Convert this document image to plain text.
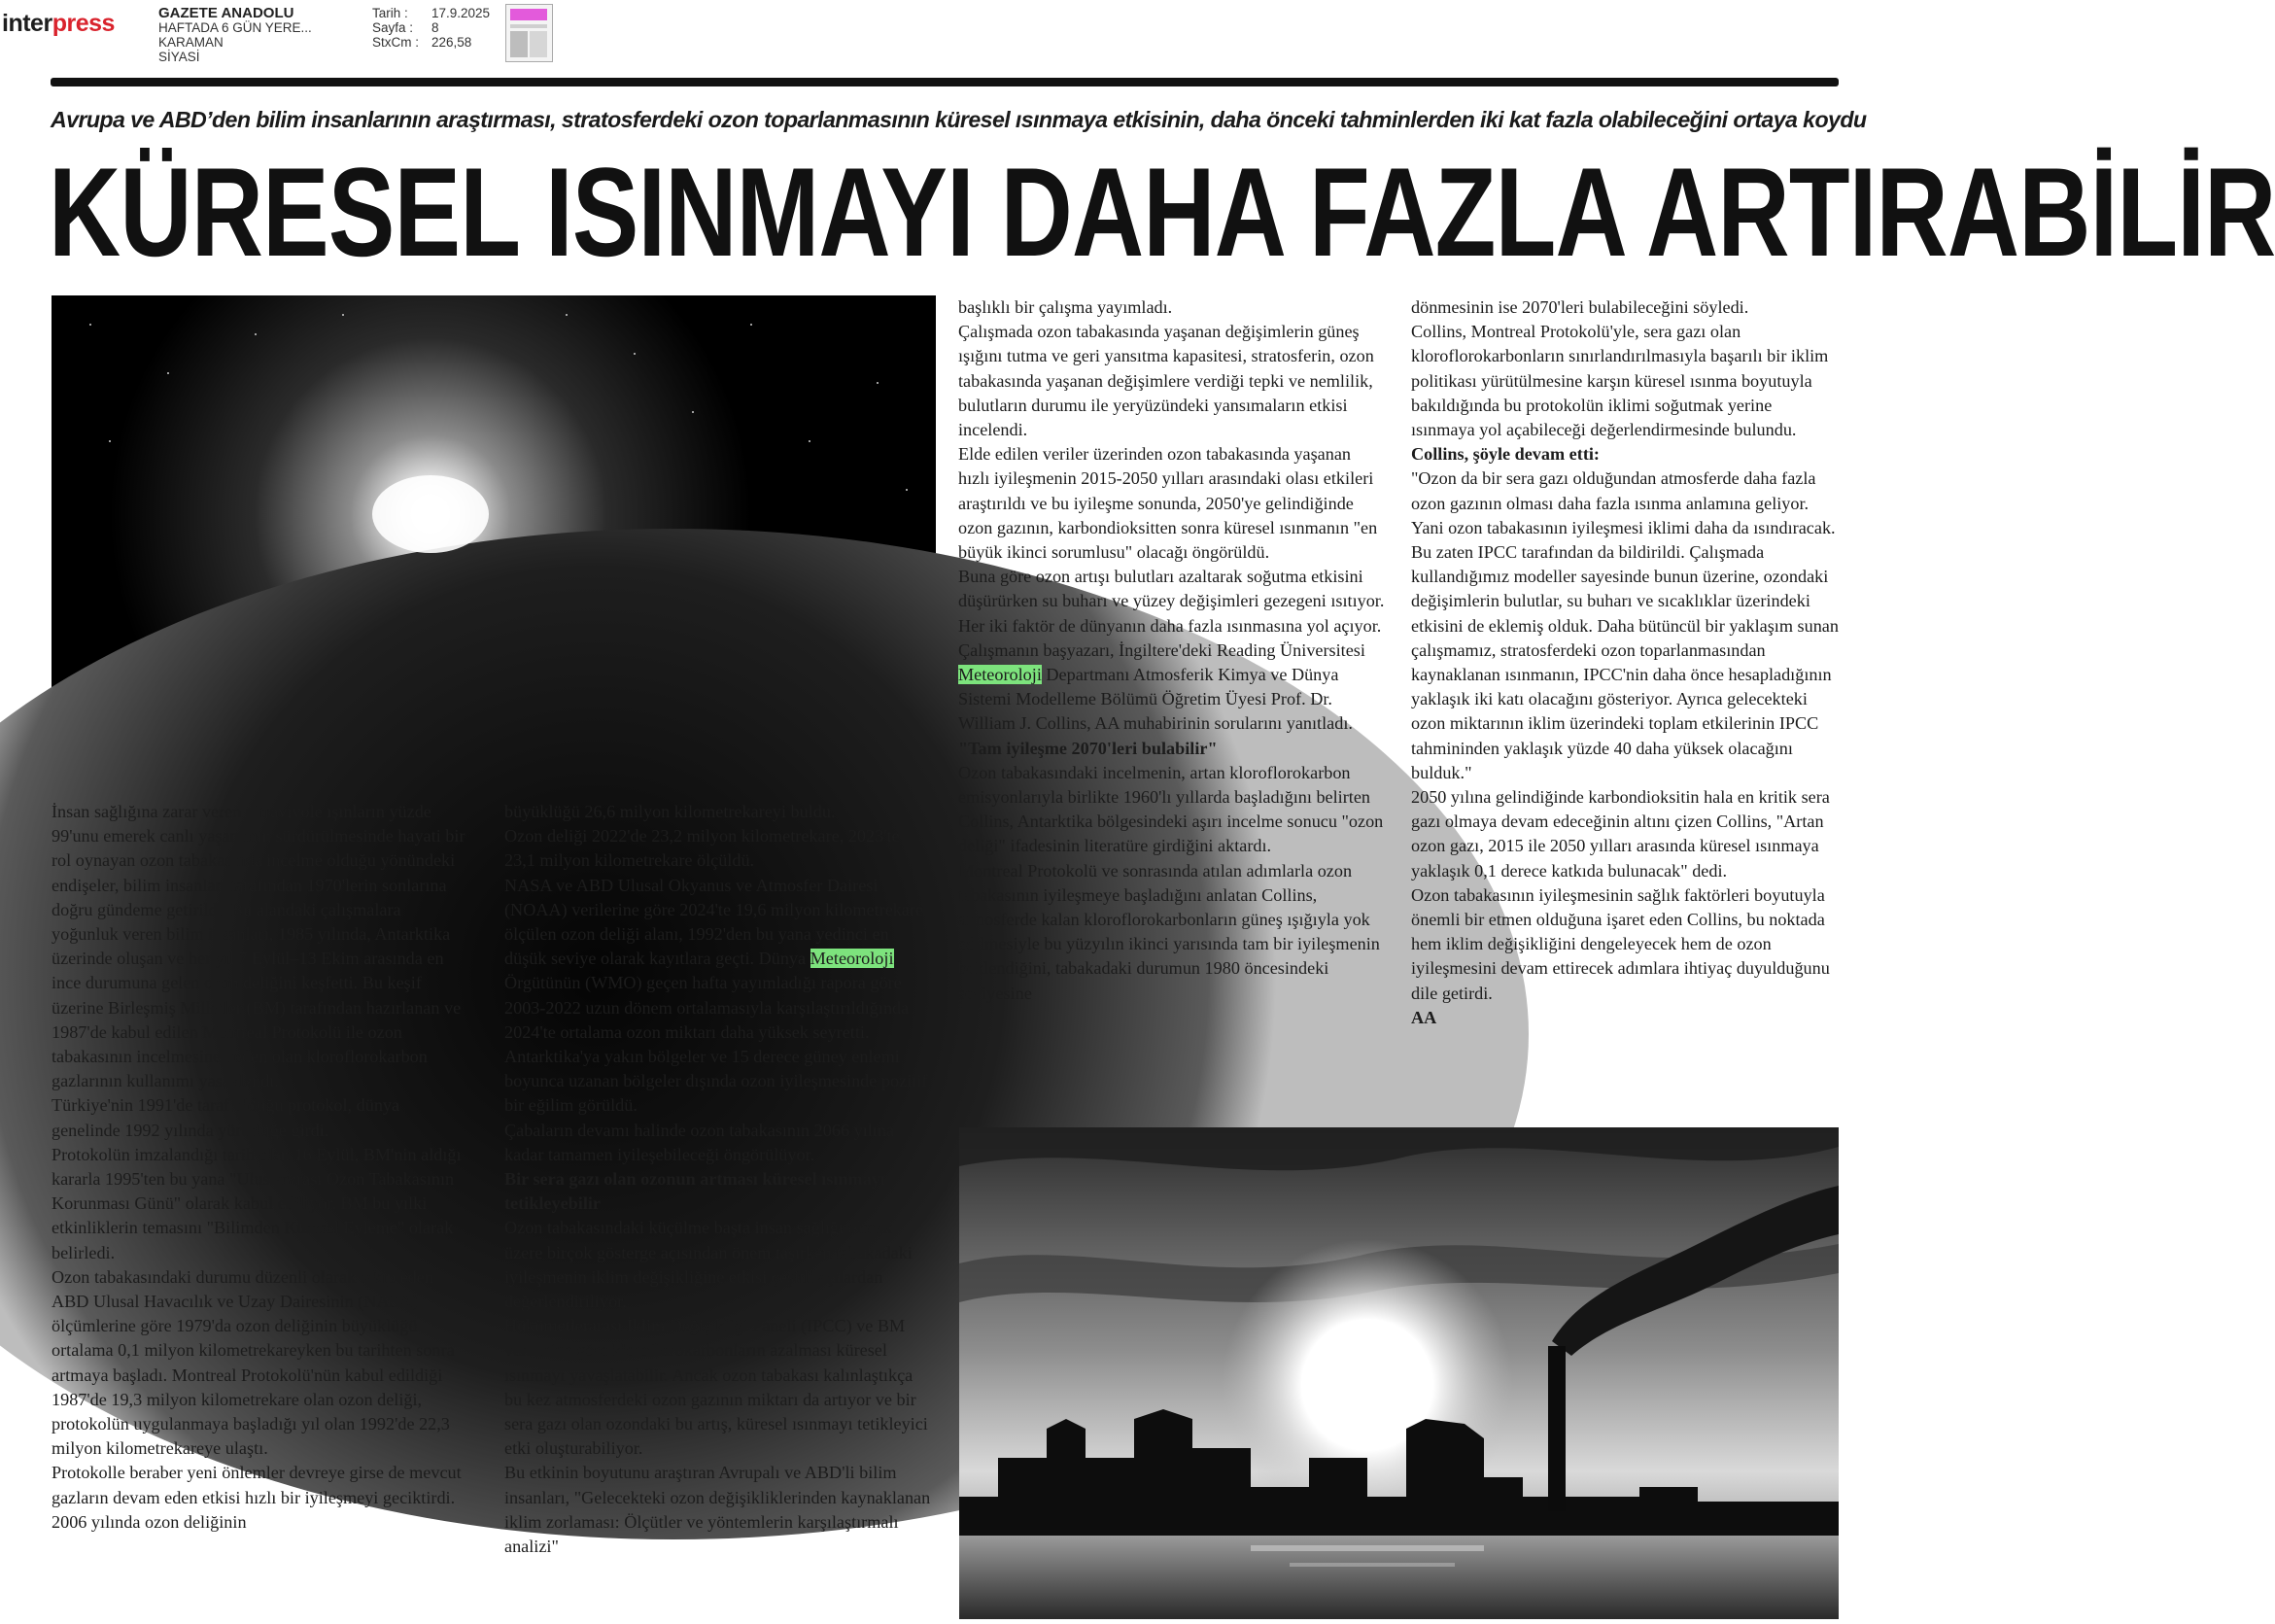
interpress	GAZETE ANADOLU
HAFTADA 6 GÜN YERE...
KARAMAN
SİYASİ
Tarih :	17.9.2025
Sayfa :	8
StxCm : 226,58
Avrupa ve ABD’den bilim insanlarının araştırması, stratosferdeki ozon toparlanmasının küresel ısınmaya etkisinin, daha önceki tahminlerden iki kat fazla olabileceğini ortaya koydu
KÜRESEL ISINMAYI DAHA FAZLA ARTIRABİLİR

İnsan sağlığına zarar veren ultraviyole ışınların yüzde 99'unu emerek canlı yaşamının sürdürülmesinde hayati bir rol oynayan ozon tabakasında incelme olduğu yönündeki endişeler, bilim insanları tarafından 1970'lerin sonlarına doğru gündeme getirildi. Bu alandaki çalışmalara yoğunluk veren bilim insanları, 1985 yılında, Antarktika üzerinde oluşan ve her yıl 7 Eylül–13 Ekim arasında en ince durumuna gelen ozon deliğini keşfetti. Bu keşif üzerine Birleşmiş Milletler (BM) tarafından hazırlanan ve 1987'de kabul edilen Montreal Protokolü ile ozon tabakasının incelmesine neden olan kloroflorokarbon gazlarının kullanımı yasaklandı.

Türkiye'nin 1991'de taraf olduğu protokol, dünya genelinde 1992 yılında yürürlüğe girdi.

Protokolün imzalandığı tarih olan 16 Eylül, BM'nin aldığı kararla 1995'ten bu yana "Uluslararası Ozon Tabakasının Korunması Günü" olarak kabul ediliyor. BM bu yılki etkinliklerin temasını "Bilimden Küresel Eyleme" olarak belirledi.

Ozon tabakasındaki durumu düzenli olarak takip eden ABD Ulusal Havacılık ve Uzay Dairesinin (NASA) ölçümlerine göre 1979'da ozon deliğinin büyüklüğü ortalama 0,1 milyon kilometrekareyken bu tarihten sonra artmaya başladı. Montreal Protokolü'nün kabul edildiği 1987'de 19,3 milyon kilometrekare olan ozon deliği, protokolün uygulanmaya başladığı yıl olan 1992'de 22,3 milyon kilometrekareye ulaştı.

Protokolle beraber yeni önlemler devreye girse de mevcut gazların devam eden etkisi hızlı bir iyileşmeyi geciktirdi. 2006 yılında ozon deliğinin

büyüklüğü 26,6 milyon kilometrekareyi buldu.

Ozon deliği 2022'de 23,2 milyon kilometrekare, 2023'te 23,1 milyon kilometrekare ölçüldü.

NASA ve ABD Ulusal Okyanus ve Atmosfer Dairesi (NOAA) verilerine göre 2024'te 19,6 milyon kilometrekare ölçülen ozon deliği alanı, 1992'den bu yana yedinci en düşük seviye olarak kayıtlara geçti. Dünya Meteoroloji Örgütünün (WMO) geçen hafta yayımladığı rapora göre 2003-2022 uzun dönem ortalamasıyla karşılaştırıldığında 2024'te ortalama ozon miktarı daha yüksek seyretti. Antarktika'ya yakın bölgeler ve 15 derece güney enlemi boyunca uzanan bölgeler dışında ozon iyileşmesinde pozitif bir eğilim görüldü.

Çabaların devamı halinde ozon tabakasının 2066 yılına kadar tamamen iyileşebileceği öngörülüyor.

Bir sera gazı olan ozonun artması küresel ısınmayı tetikleyebilir

Ozon tabakasındaki küçülme başta insan sağlığı olmak üzere birçok gösterge açısından önem taşırken tabakadaki iyileşmenin iklim değişikliğine etkisi çeşitli açılardan değerlendiriliyor.

Hükümetlerarası İklim Değişikliği Paneli (IPCC) ve BM verilerine göre kloroflorokarbonların azalması küresel ısınmayı yavaşlatabilir. Ancak ozon tabakası kalınlaştıkça bu kez atmosferdeki ozon gazının miktarı da artıyor ve bir sera gazı olan ozondaki bu artış, küresel ısınmayı tetikleyici etki oluşturabiliyor.

Bu etkinin boyutunu araştıran Avrupalı ve ABD'li bilim insanları, "Gelecekteki ozon değişikliklerinden kaynaklanan iklim zorlaması: Ölçütler ve yöntemlerin karşılaştırmalı analizi"

başlıklı bir çalışma yayımladı.

Çalışmada ozon tabakasında yaşanan değişimlerin güneş ışığını tutma ve geri yansıtma kapasitesi, stratosferin, ozon tabakasında yaşanan değişimlere verdiği tepki ve nemlilik, bulutların durumu ile yeryüzündeki yansımaların etkisi incelendi.

Elde edilen veriler üzerinden ozon tabakasında yaşanan hızlı iyileşmenin 2015-2050 yılları arasındaki olası etkileri araştırıldı ve bu iyileşme sonunda, 2050'ye gelindiğinde ozon gazının, karbondioksitten sonra küresel ısınmanın "en büyük ikinci sorumlusu" olacağı öngörüldü.

Buna göre ozon artışı bulutları azaltarak soğutma etkisini düşürürken su buharı ve yüzey değişimleri gezegeni ısıtıyor. Her iki faktör de dünyanın daha fazla ısınmasına yol açıyor.

Çalışmanın başyazarı, İngiltere'deki Reading Üniversitesi Meteoroloji Departmanı Atmosferik Kimya ve Dünya Sistemi Modelleme Bölümü Öğretim Üyesi Prof. Dr. William J. Collins, AA muhabirinin sorularını yanıtladı.

"Tam iyileşme 2070'leri bulabilir"

Ozon tabakasındaki incelmenin, artan kloroflorokarbon emisyonlarıyla birlikte 1960'lı yıllarda başladığını belirten Collins, Antarktika bölgesindeki aşırı incelme sonucu "ozon deliği" ifadesinin literatüre girdiğini aktardı.

Montreal Protokolü ve sonrasında atılan adımlarla ozon tabakasının iyileşmeye başladığını anlatan Collins, atmosferde kalan kloroflorokarbonların güneş ışığıyla yok edilmesiyle bu yüzyılın ikinci yarısında tam bir iyileşmenin beklendiğini, tabakadaki durumun 1980 öncesindeki seviyesine

dönmesinin ise 2070'leri bulabileceğini söyledi.

Collins, Montreal Protokolü'yle, sera gazı olan kloroflorokarbonların sınırlandırılmasıyla başarılı bir iklim politikası yürütülmesine karşın küresel ısınma boyutuyla bakıldığında bu protokolün iklimi soğutmak yerine ısınmaya yol açabileceği değerlendirmesinde bulundu.

Collins, şöyle devam etti:

"Ozon da bir sera gazı olduğundan atmosferde daha fazla ozon gazının olması daha fazla ısınma anlamına geliyor. Yani ozon tabakasının iyileşmesi iklimi daha da ısındıracak. Bu zaten IPCC tarafından da bildirildi. Çalışmada kullandığımız modeller sayesinde bunun üzerine, ozondaki değişimlerin bulutlar, su buharı ve sıcaklıklar üzerindeki etkisini de eklemiş olduk. Daha bütüncül bir yaklaşım sunan çalışmamız, stratosferdeki ozon toparlanmasından kaynaklanan ısınmanın, IPCC'nin daha önce hesapladığının yaklaşık iki katı olacağını gösteriyor. Ayrıca gelecekteki ozon miktarının iklim üzerindeki toplam etkilerinin IPCC tahmininden yaklaşık yüzde 40 daha yüksek olacağını bulduk."

2050 yılına gelindiğinde karbondioksitin hala en kritik sera gazı olmaya devam edeceğinin altını çizen Collins, "Artan ozon gazı, 2015 ile 2050 yılları arasında küresel ısınmaya yaklaşık 0,1 derece katkıda bulunacak" dedi.

Ozon tabakasının iyileşmesinin sağlık faktörleri boyutuyla önemli bir etmen olduğuna işaret eden Collins, bu noktada hem iklim değişikliğini dengeleyecek hem de ozon iyileşmesini devam ettirecek adımlara ihtiyaç duyulduğunu dile getirdi.

AA
